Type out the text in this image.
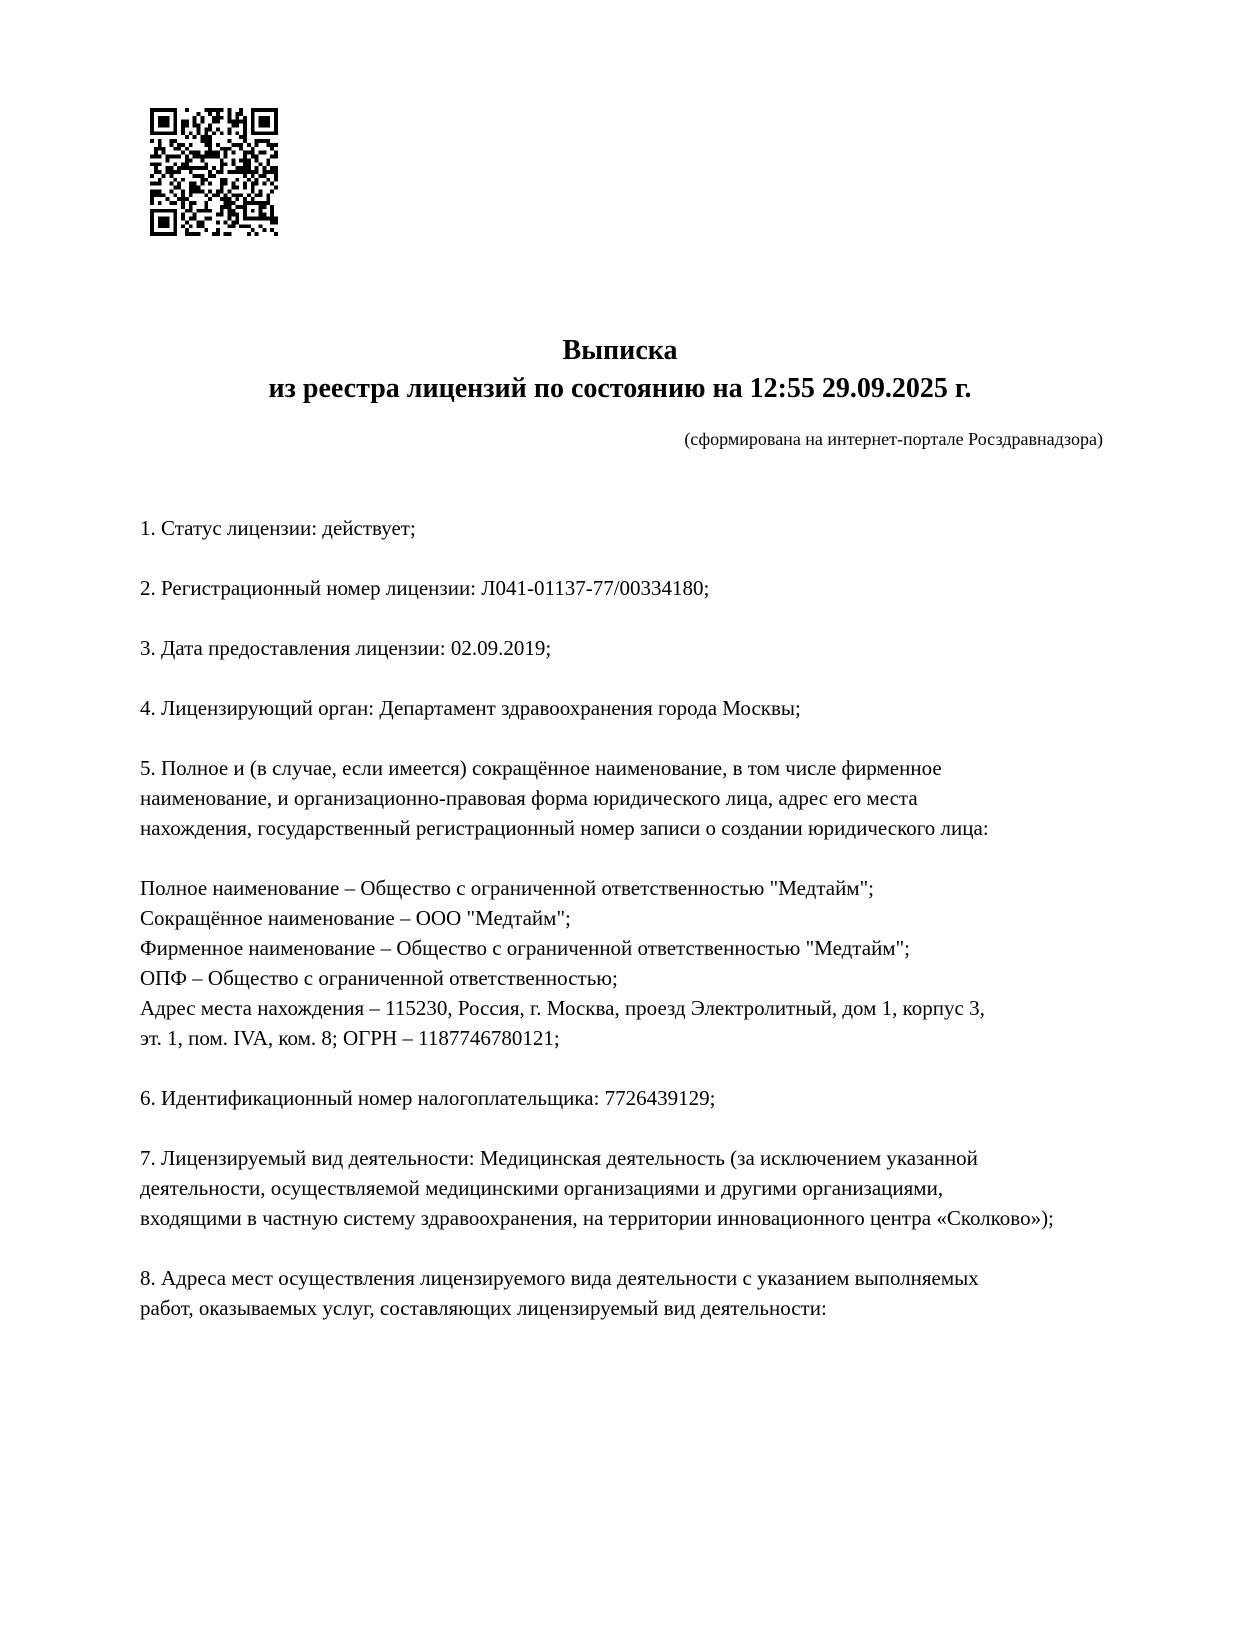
Выписка
из реестра лицензий по состоянию на 12:55 29.09.2025 г.
(сформирована на интернет-портале Росздравнадзора)

1. Статус лицензии: действует;

2. Регистрационный номер лицензии: Л041-01137-77/00334180;

3. Дата предоставления лицензии: 02.09.2019;

4. Лицензирующий орган: Департамент здравоохранения города Москвы;

5. Полное и (в случае, если имеется) сокращённое наименование, в том числе фирменное наименование, и организационно-правовая форма юридического лица, адрес его места нахождения, государственный регистрационный номер записи о создании юридического лица:

Полное наименование – Общество с ограниченной ответственностью "Медтайм"; Сокращённое наименование – ООО "Медтайм"; Фирменное наименование – Общество с ограниченной ответственностью "Медтайм"; ОПФ – Общество с ограниченной ответственностью; Адрес места нахождения – 115230, Россия, г. Москва, проезд Электролитный, дом 1, корпус 3, эт. 1, пом. IVA, ком. 8; ОГРН – 1187746780121;

6. Идентификационный номер налогоплательщика: 7726439129;

7. Лицензируемый вид деятельности: Медицинская деятельность (за исключением указанной деятельности, осуществляемой медицинскими организациями и другими организациями, входящими в частную систему здравоохранения, на территории инновационного центра «Сколково»);

8. Адреса мест осуществления лицензируемого вида деятельности с указанием выполняемых работ, оказываемых услуг, составляющих лицензируемый вид деятельности:
